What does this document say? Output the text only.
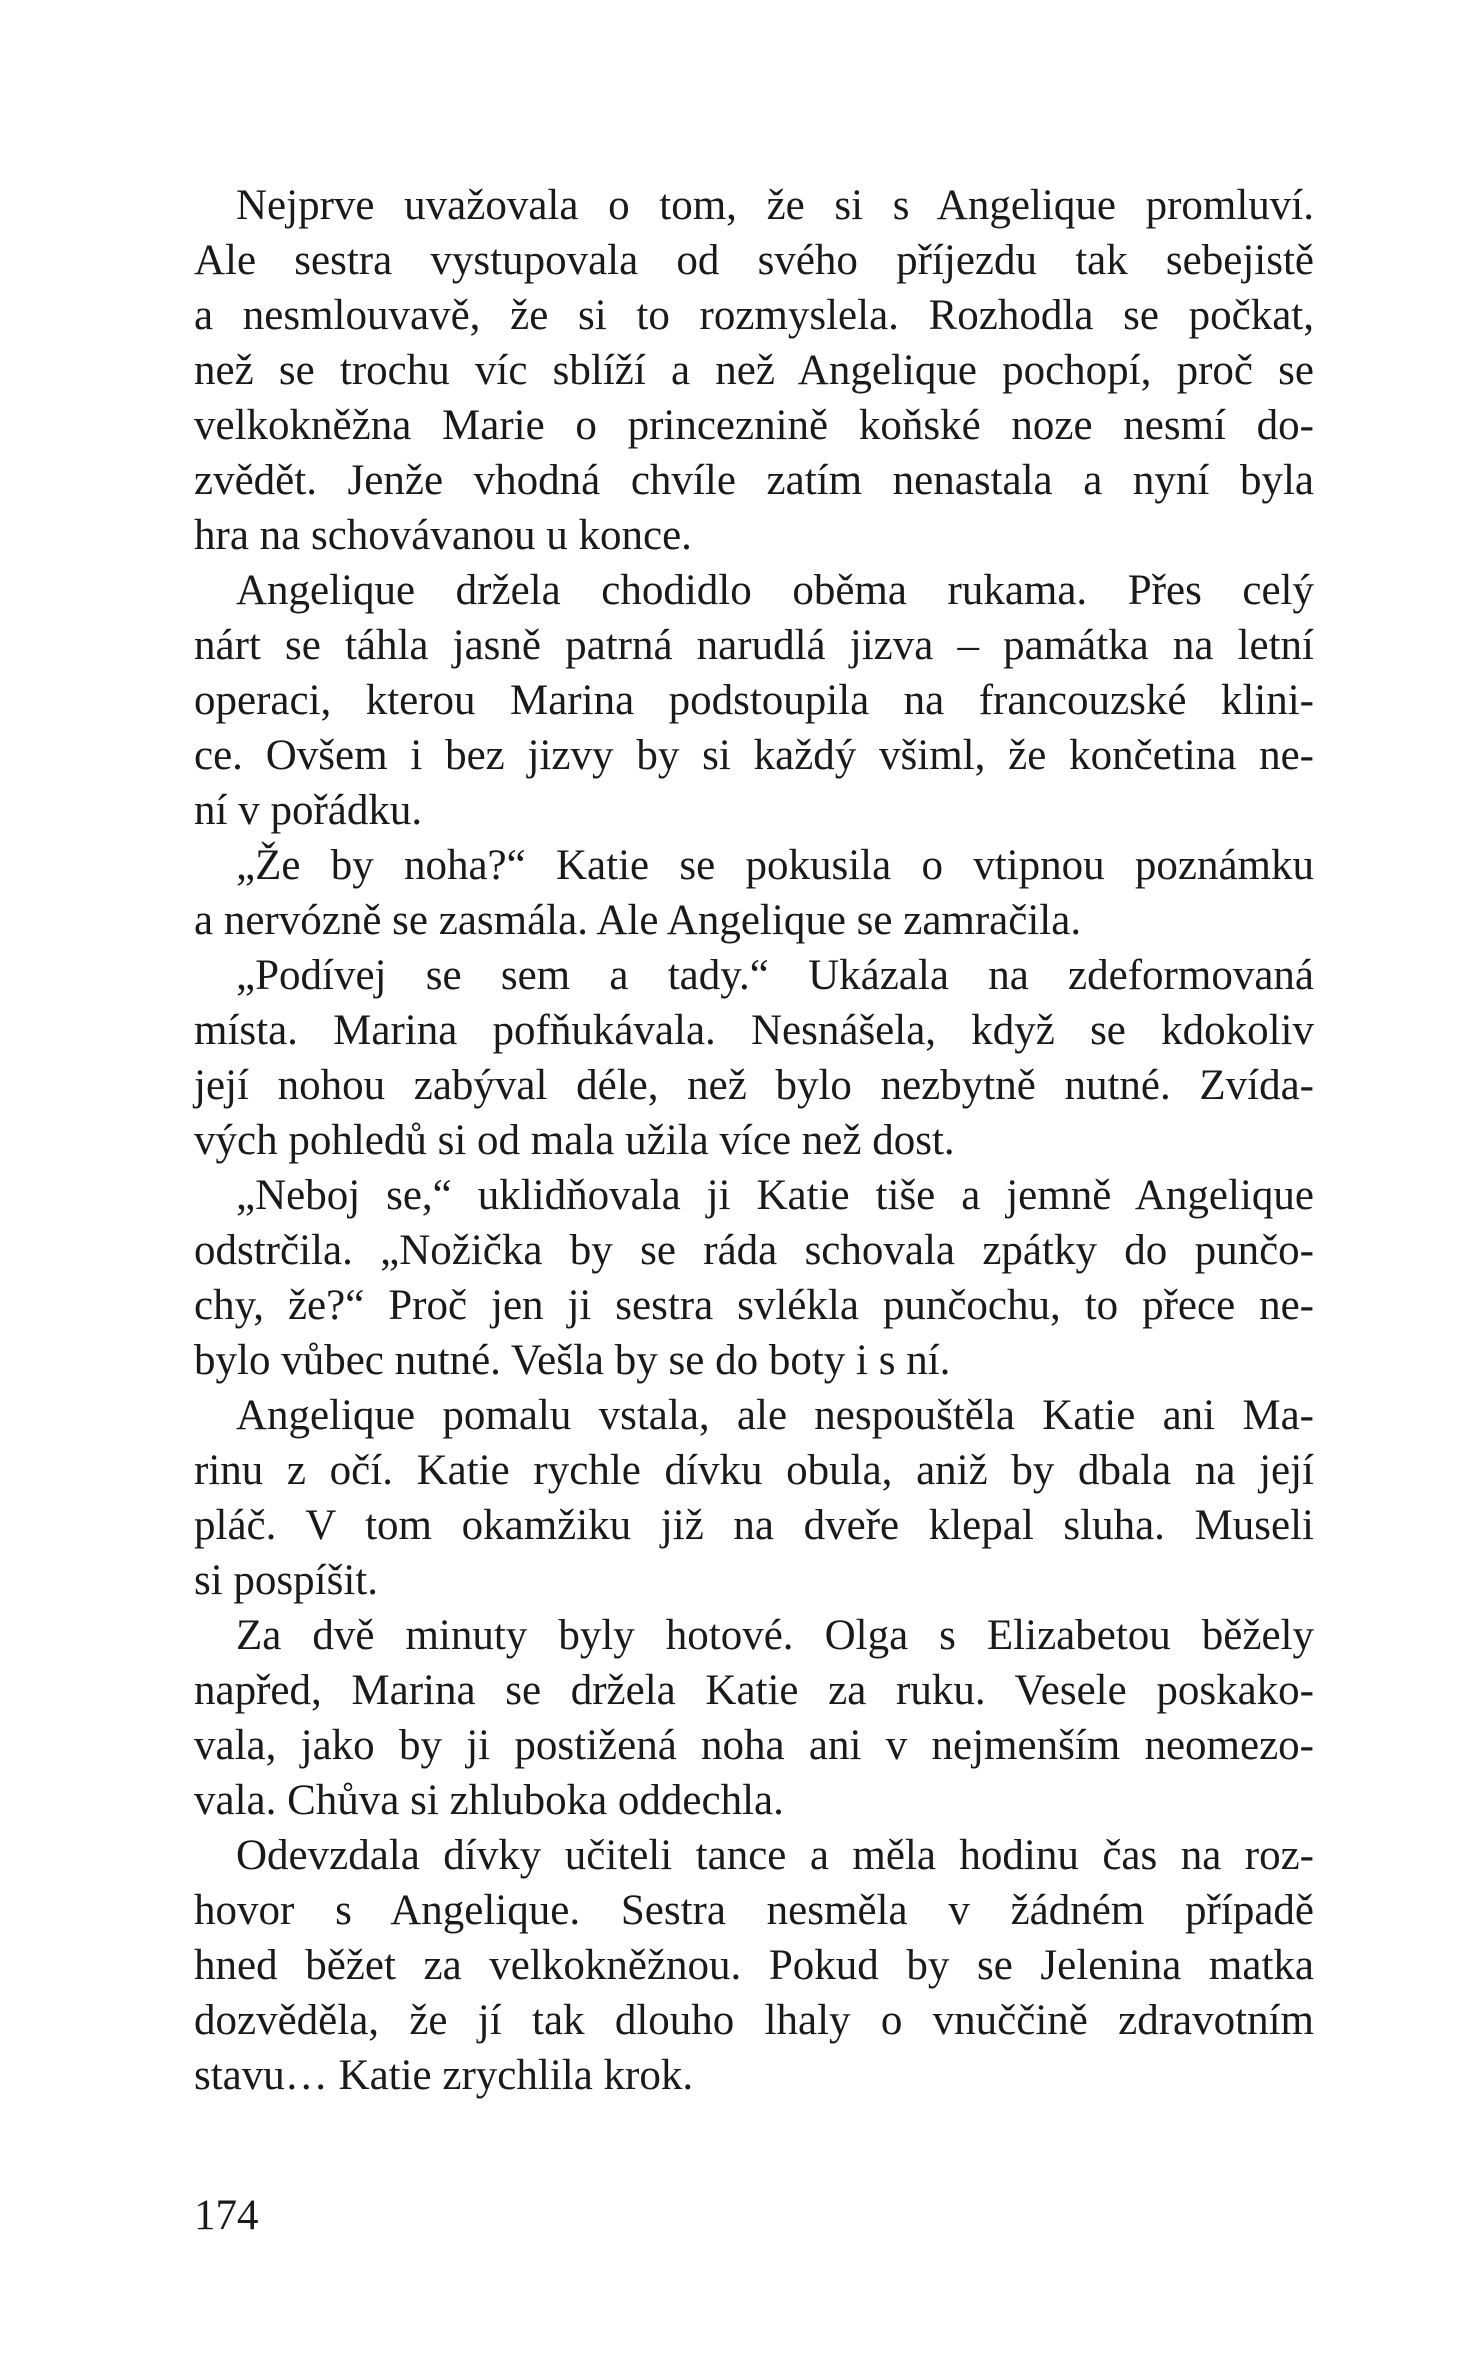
Nejprve uvažovala o tom, že si s Angelique promluví.
Ale sestra vystupovala od svého příjezdu tak sebejistě
a nesmlouvavě, že si to rozmyslela. Rozhodla se počkat,
než se trochu víc sblíží a než Angelique pochopí, proč se
velkokněžna Marie o princeznině koňské noze nesmí do-
zvědět. Jenže vhodná chvíle zatím nenastala a nyní byla
hra na schovávanou u konce.
Angelique držela chodidlo oběma rukama. Přes celý
nárt se táhla jasně patrná narudlá jizva – památka na letní
operaci, kterou Marina podstoupila na francouzské klini-
ce. Ovšem i bez jizvy by si každý všiml, že končetina ne-
ní v pořádku.
„Že by noha?“ Katie se pokusila o vtipnou poznámku
a nervózně se zasmála. Ale Angelique se zamračila.
„Podívej se sem a tady.“ Ukázala na zdeformovaná
místa. Marina pofňukávala. Nesnášela, když se kdokoliv
její nohou zabýval déle, než bylo nezbytně nutné. Zvída-
vých pohledů si od mala užila více než dost.
„Neboj se,“ uklidňovala ji Katie tiše a jemně Angelique
odstrčila. „Nožička by se ráda schovala zpátky do punčo-
chy, že?“ Proč jen ji sestra svlékla punčochu, to přece ne-
bylo vůbec nutné. Vešla by se do boty i s ní.
Angelique pomalu vstala, ale nespouštěla Katie ani Ma-
rinu z očí. Katie rychle dívku obula, aniž by dbala na její
pláč. V tom okamžiku již na dveře klepal sluha. Museli
si pospíšit.
Za dvě minuty byly hotové. Olga s Elizabetou běžely
napřed, Marina se držela Katie za ruku. Vesele poskako-
vala, jako by ji postižená noha ani v nejmenším neomezo-
vala. Chůva si zhluboka oddechla.
Odevzdala dívky učiteli tance a měla hodinu čas na roz-
hovor s Angelique. Sestra nesměla v žádném případě
hned běžet za velkokněžnou. Pokud by se Jelenina matka
dozvěděla, že jí tak dlouho lhaly o vnuččině zdravotním
stavu… Katie zrychlila krok.
174
